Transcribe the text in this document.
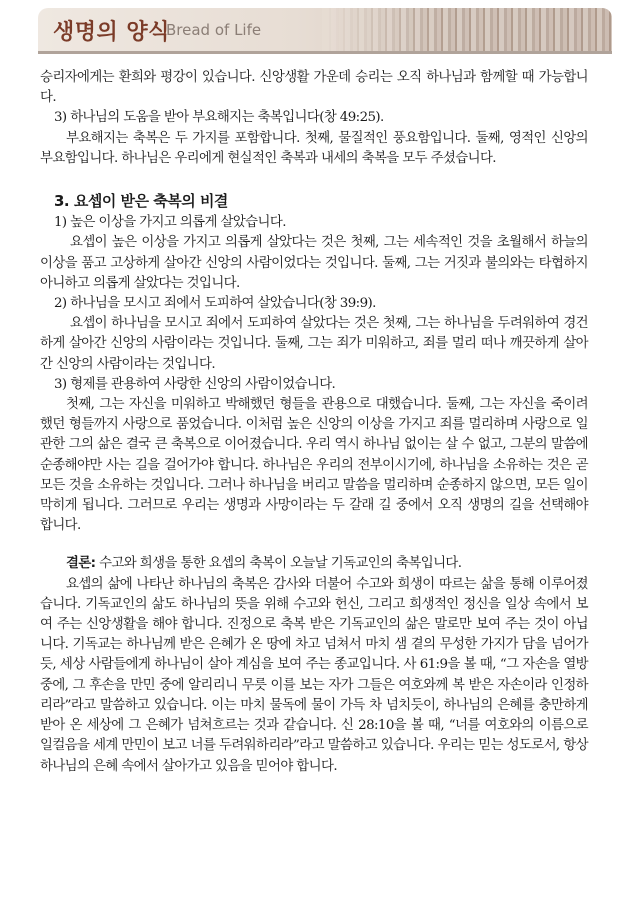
생명의 양식
Bread of Life

승리자에게는 환희와 평강이 있습니다. 신앙생활 가운데 승리는 오직 하나님과 함께할 때 가능합니다.

3) 하나님의 도움을 받아 부요해지는 축복입니다(창 49:25).

부요해지는 축복은 두 가지를 포함합니다. 첫째, 물질적인 풍요함입니다. 둘째, 영적인 신앙의 부요함입니다. 하나님은 우리에게 현실적인 축복과 내세의 축복을 모두 주셨습니다.

3. 요셉이 받은 축복의 비결

1) 높은 이상을 가지고 의롭게 살았습니다.

요셉이 높은 이상을 가지고 의롭게 살았다는 것은 첫째, 그는 세속적인 것을 초월해서 하늘의 이상을 품고 고상하게 살아간 신앙의 사람이었다는 것입니다. 둘째, 그는 거짓과 불의와는 타협하지 아니하고 의롭게 살았다는 것입니다.

2) 하나님을 모시고 죄에서 도피하여 살았습니다(창 39:9).

요셉이 하나님을 모시고 죄에서 도피하여 살았다는 것은 첫째, 그는 하나님을 두려워하여 경건하게 살아간 신앙의 사람이라는 것입니다. 둘째, 그는 죄가 미워하고, 죄를 멀리 떠나 깨끗하게 살아간 신앙의 사람이라는 것입니다.

3) 형제를 관용하여 사랑한 신앙의 사람이었습니다.

첫째, 그는 자신을 미워하고 박해했던 형들을 관용으로 대했습니다. 둘째, 그는 자신을 죽이려 했던 형들까지 사랑으로 품었습니다. 이처럼 높은 신앙의 이상을 가지고 죄를 멀리하며 사랑으로 일관한 그의 삶은 결국 큰 축복으로 이어졌습니다. 우리 역시 하나님 없이는 살 수 없고, 그분의 말씀에 순종해야만 사는 길을 걸어가야 합니다. 하나님은 우리의 전부이시기에, 하나님을 소유하는 것은 곧 모든 것을 소유하는 것입니다. 그러나 하나님을 버리고 말씀을 멀리하며 순종하지 않으면, 모든 일이 막히게 됩니다. 그러므로 우리는 생명과 사망이라는 두 갈래 길 중에서 오직 생명의 길을 선택해야 합니다.

결론: 수고와 희생을 통한 요셉의 축복이 오늘날 기독교인의 축복입니다.

요셉의 삶에 나타난 하나님의 축복은 감사와 더불어 수고와 희생이 따르는 삶을 통해 이루어졌습니다. 기독교인의 삶도 하나님의 뜻을 위해 수고와 헌신, 그리고 희생적인 정신을 일상 속에서 보여 주는 신앙생활을 해야 합니다. 진정으로 축복 받은 기독교인의 삶은 말로만 보여 주는 것이 아닙니다. 기독교는 하나님께 받은 은혜가 온 땅에 차고 넘쳐서 마치 샘 곁의 무성한 가지가 담을 넘어가듯, 세상 사람들에게 하나님이 살아 계심을 보여 주는 종교입니다. 사 61:9을 볼 때, “그 자손을 열방 중에, 그 후손을 만민 중에 알리리니 무릇 이를 보는 자가 그들은 여호와께 복 받은 자손이라 인정하리라”라고 말씀하고 있습니다. 이는 마치 물독에 물이 가득 차 넘치듯이, 하나님의 은혜를 충만하게 받아 온 세상에 그 은혜가 넘쳐흐르는 것과 같습니다. 신 28:10을 볼 때, “너를 여호와의 이름으로 일컬음을 세계 만민이 보고 너를 두려워하리라”라고 말씀하고 있습니다. 우리는 믿는 성도로서, 항상 하나님의 은혜 속에서 살아가고 있음을 믿어야 합니다.
